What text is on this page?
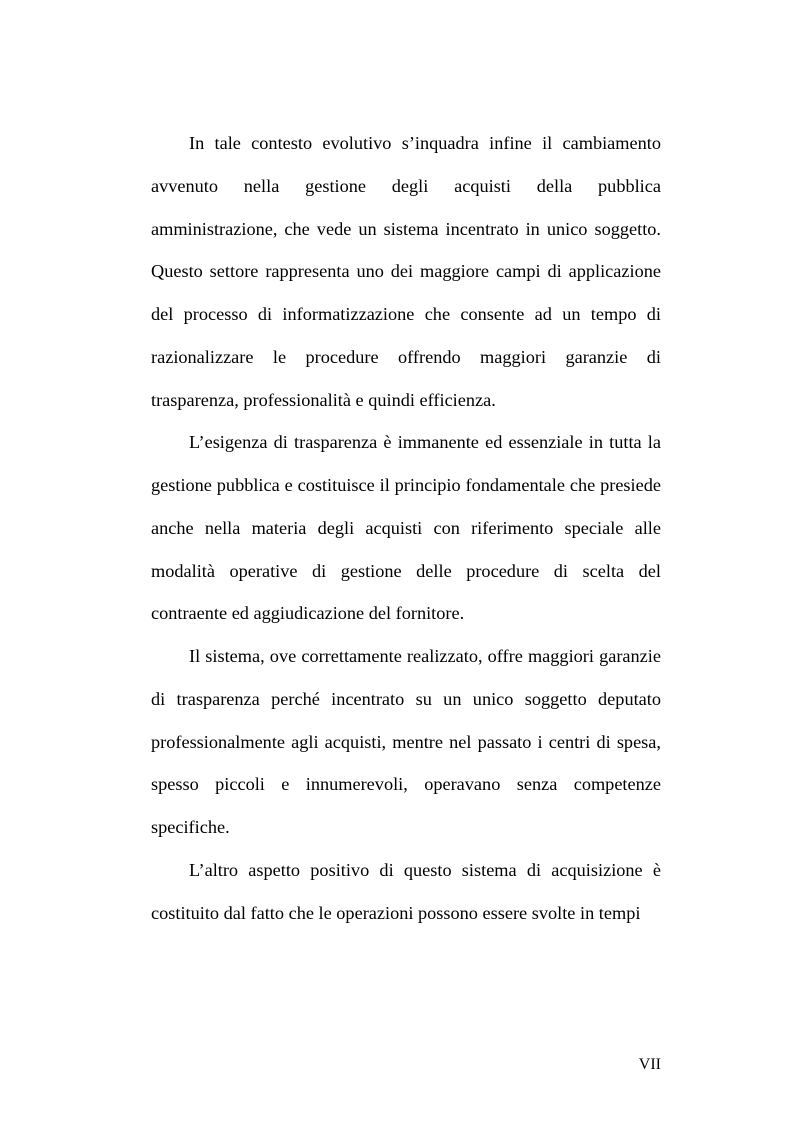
In tale contesto evolutivo s’inquadra infine il cambiamento avvenuto nella gestione degli acquisti della pubblica amministrazione, che vede un sistema incentrato in unico soggetto. Questo settore rappresenta uno dei maggiore campi di applicazione del processo di informatizzazione che consente ad un tempo di razionalizzare le procedure offrendo maggiori garanzie di trasparenza, professionalità e quindi efficienza.

L’esigenza di trasparenza è immanente ed essenziale in tutta la gestione pubblica e costituisce il principio fondamentale che presiede anche nella materia degli acquisti con riferimento speciale alle modalità operative di gestione delle procedure di scelta del contraente ed aggiudicazione del fornitore.

Il sistema, ove correttamente realizzato, offre maggiori garanzie di trasparenza perché incentrato su un unico soggetto deputato professionalmente agli acquisti, mentre nel passato i centri di spesa, spesso piccoli e innumerevoli, operavano senza competenze specifiche.

L’altro aspetto positivo di questo sistema di acquisizione è costituito dal fatto che le operazioni possono essere svolte in tempi

VII
